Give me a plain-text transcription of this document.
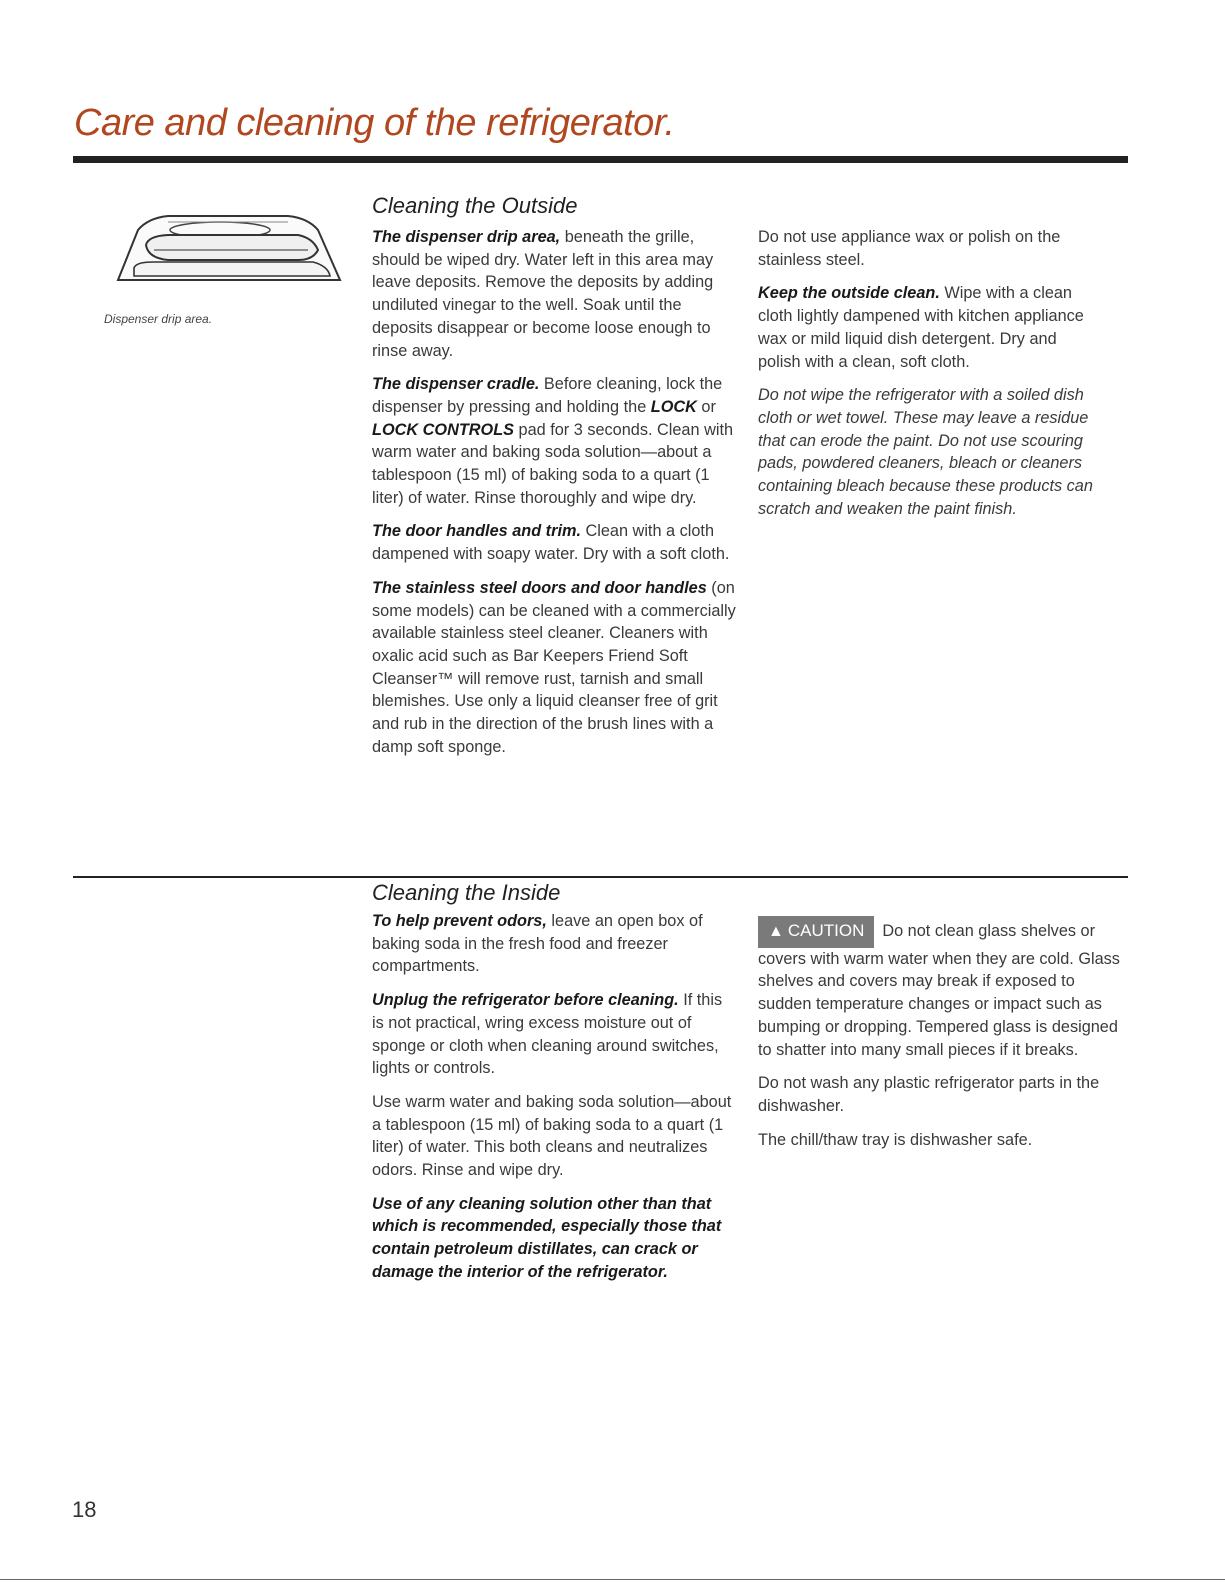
Care and cleaning of the refrigerator.
Dispenser drip area.
Cleaning the Outside

The dispenser drip area, beneath the grille, should be wiped dry. Water left in this area may leave deposits. Remove the deposits by adding undiluted vinegar to the well. Soak until the deposits disappear or become loose enough to rinse away.

The dispenser cradle. Before cleaning, lock the dispenser by pressing and holding the LOCK or LOCK CONTROLS pad for 3 seconds. Clean with warm water and baking soda solution—about a tablespoon (15 ml) of baking soda to a quart (1 liter) of water. Rinse thoroughly and wipe dry.

The door handles and trim. Clean with a cloth dampened with soapy water. Dry with a soft cloth.

The stainless steel doors and door handles (on some models) can be cleaned with a commercially available stainless steel cleaner. Cleaners with oxalic acid such as Bar Keepers Friend Soft Cleanser™ will remove rust, tarnish and small blemishes. Use only a liquid cleanser free of grit and rub in the direction of the brush lines with a damp soft sponge.

Do not use appliance wax or polish on the stainless steel.

Keep the outside clean. Wipe with a clean cloth lightly dampened with kitchen appliance wax or mild liquid dish detergent. Dry and polish with a clean, soft cloth.

Do not wipe the refrigerator with a soiled dish cloth or wet towel. These may leave a residue that can erode the paint. Do not use scouring pads, powdered cleaners, bleach or cleaners containing bleach because these products can scratch and weaken the paint finish.

Cleaning the Inside

To help prevent odors, leave an open box of baking soda in the fresh food and freezer compartments.

Unplug the refrigerator before cleaning. If this is not practical, wring excess moisture out of sponge or cloth when cleaning around switches, lights or controls.

Use warm water and baking soda solution—about a tablespoon (15 ml) of baking soda to a quart (1 liter) of water. This both cleans and neutralizes odors. Rinse and wipe dry.

Use of any cleaning solution other than that which is recommended, especially those that contain petroleum distillates, can crack or damage the interior of the refrigerator.

▲ CAUTION Do not clean glass shelves or covers with warm water when they are cold. Glass shelves and covers may break if exposed to sudden temperature changes or impact such as bumping or dropping. Tempered glass is designed to shatter into many small pieces if it breaks.

Do not wash any plastic refrigerator parts in the dishwasher.

The chill/thaw tray is dishwasher safe.

18
